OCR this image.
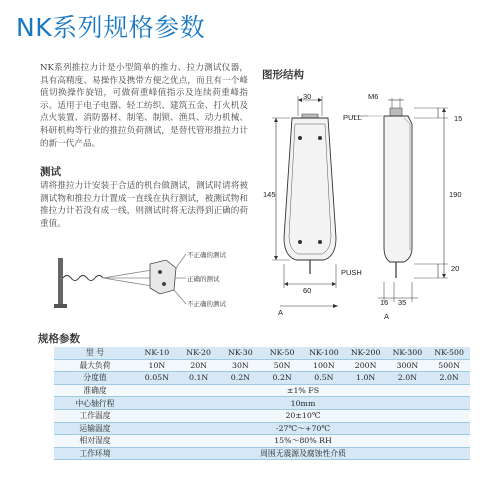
NK系列规格参数
NK系列推拉力计是小型简单的推力、拉力测试仪器，具有高精度、易操作及携带方便之优点，而且有一个峰值切换操作旋钮，可做荷重峰值指示及连续荷重峰指示。适用于电子电器、轻工纺织、建筑五金、打火机及点火装置、消防器材、制笔、制锁、渔具、动力机械、科研机构等行业的推拉负荷测试，是替代管形推拉力计的新一代产品。
测试
请将推拉力计安装于合适的机台做测试，测试时请将被测试物和推拉力计置成一直线在执行测试，被测试物和推拉力计若没有成一线，则测试时将无法得到正确的荷重值。
不正确的测试
正确的测试
不正确的测试
图形结构
30
145
60
A
M6
PULL	15
190
PUSH	20
16 35
A
规格参数
型 号	NK-10	NK-20	NK-30	NK-50	NK-100	NK-200	NK-300	NK-500
最大负荷	10N	20N	30N	50N	100N	200N	300N	500N
分度值	0.05N	0.1N	0.2N	0.2N	0.5N	1.0N	2.0N	2.0N
准确度	±1% FS							
中心轴行程	10mm							
工作温度	20±10℃							
运输温度	-27℃～+70℃							
相对湿度	15%～80% RH							
工作环境	周围无震源及腐蚀性介质							
